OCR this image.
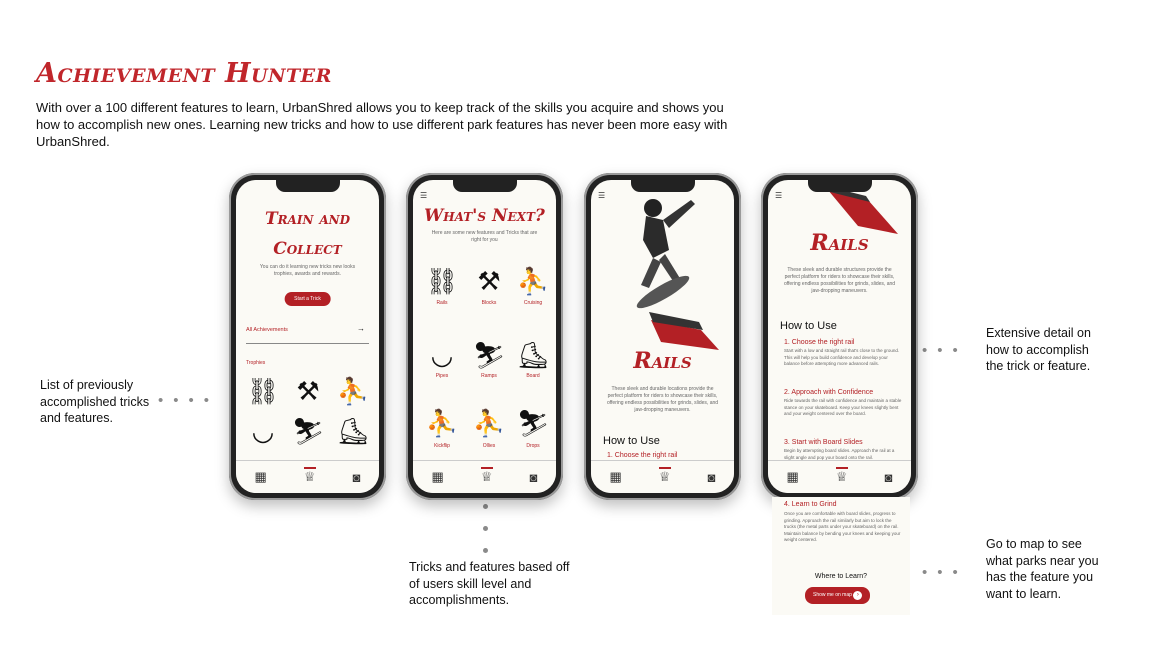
Achievement Hunter
With over a 100 different features to learn, UrbanShred allows you to keep track of the skills you acquire and shows you how to accomplish new ones. Learning new tricks and how to use different park features has never been more easy with UrbanShred.
List of previously accomplished tricks and features.
••••
Tricks and features based off of users skill level and accomplishments.
•••
Extensive detail on how to accomplish the trick or feature.
•••
Go to map to see what parks near you has the feature you want to learn.
Train and Collect
You can do it learning new tricks new looks trophies, awards and rewards.
Start a Trick
All Achievements	→
Trophies
⛓ ⚒ ⛹
◡ ⛷ ⛸
▦	♕	◙
☰
What's Next?
Here are some new features and Tricks that are right for you
⛓ ⚒ ⛹
Rails	Blocks	Cruising
◡ ⛷ ⛸
Pipes	Ramps	Board
⛹ ⛹ ⛷
Kickflip	Ollies	Drops
▦	♕	◙
☰
Rails
These sleek and durable locations provide the perfect platform for riders to showcase their skills, offering endless possibilities for grinds, slides, and jaw-dropping maneuvers.
How to Use
1. Choose the right rail
▦	♕	◙
☰
Rails
These sleek and durable structures provide the perfect platform for riders to showcase their skills, offering endless possibilities for grinds, slides, and jaw-dropping maneuvers.
How to Use
1. Choose the right rail
Start with a low and straight rail that's close to the ground. This will help you build confidence and develop your balance before attempting more advanced rails.
2. Approach with Confidence
Ride towards the rail with confidence and maintain a stable stance on your skateboard. Keep your knees slightly bent and your weight centered over the board.
3. Start with Board Slides
Begin by attempting board slides. Approach the rail at a slight angle and pop your board onto the rail.
▦	♕	◙
4. Learn to Grind
Once you are comfortable with board slides, progress to grinding. Approach the rail similarly but aim to lock the trucks (the metal parts under your skateboard) on the rail. Maintain balance by bending your knees and keeping your weight centered.
Where to Learn?
Show me on map ›
